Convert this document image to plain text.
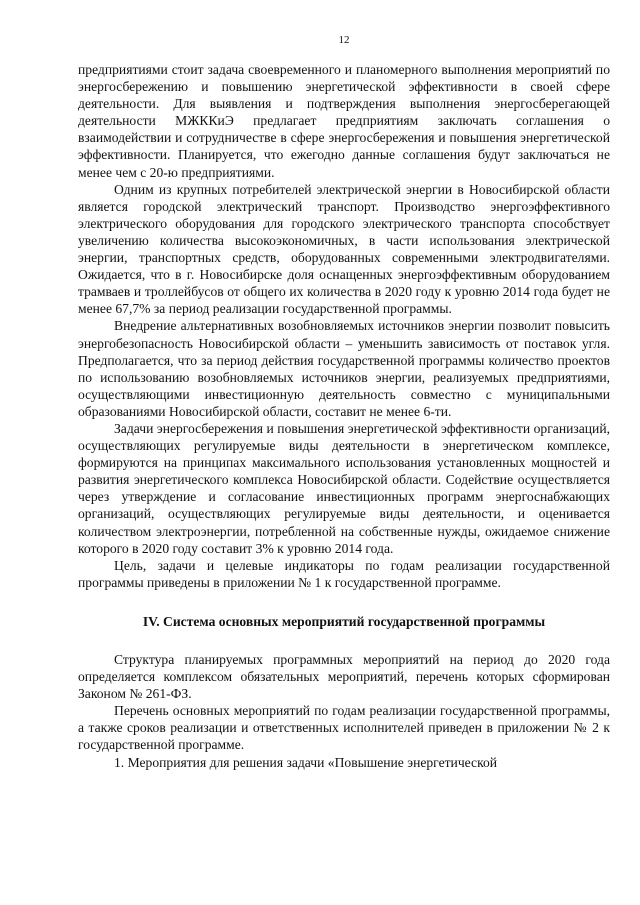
12

предприятиями стоит задача своевременного и планомерного выполнения мероприятий по энергосбережению и повышению энергетической эффективности в своей сфере деятельности. Для выявления и подтверждения выполнения энергосберегающей деятельности МЖККиЭ предлагает предприятиям заключать соглашения о взаимодействии и сотрудничестве в сфере энергосбережения и повышения энергетической эффективности. Планируется, что ежегодно данные соглашения будут заключаться не менее чем с 20-ю предприятиями.

Одним из крупных потребителей электрической энергии в Новосибирской области является городской электрический транспорт. Производство энергоэффективного электрического оборудования для городского электрического транспорта способствует увеличению количества высокоэкономичных, в части использования электрической энергии, транспортных средств, оборудованных современными электродвигателями. Ожидается, что в г. Новосибирске доля оснащенных энергоэффективным оборудованием трамваев и троллейбусов от общего их количества в 2020 году к уровню 2014 года будет не менее 67,7% за период реализации государственной программы.

Внедрение альтернативных возобновляемых источников энергии позволит повысить энергобезопасность Новосибирской области – уменьшить зависимость от поставок угля. Предполагается, что за период действия государственной программы количество проектов по использованию возобновляемых источников энергии, реализуемых предприятиями, осуществляющими инвестиционную деятельность совместно с муниципальными образованиями Новосибирской области, составит не менее 6-ти.

Задачи энергосбережения и повышения энергетической эффективности организаций, осуществляющих регулируемые виды деятельности в энергетическом комплексе, формируются на принципах максимального использования установленных мощностей и развития энергетического комплекса Новосибирской области. Содействие осуществляется через утверждение и согласование инвестиционных программ энергоснабжающих организаций, осуществляющих регулируемые виды деятельности, и оценивается количеством электроэнергии, потребленной на собственные нужды, ожидаемое снижение которого в 2020 году составит 3% к уровню 2014 года.

Цель, задачи и целевые индикаторы по годам реализации государственной программы приведены в приложении № 1 к государственной программе.

IV. Система основных мероприятий государственной программы

Структура планируемых программных мероприятий на период до 2020 года определяется комплексом обязательных мероприятий, перечень которых сформирован Законом № 261-ФЗ.

Перечень основных мероприятий по годам реализации государственной программы, а также сроков реализации и ответственных исполнителей приведен в приложении № 2 к государственной программе.

1. Мероприятия для решения задачи «Повышение энергетической
